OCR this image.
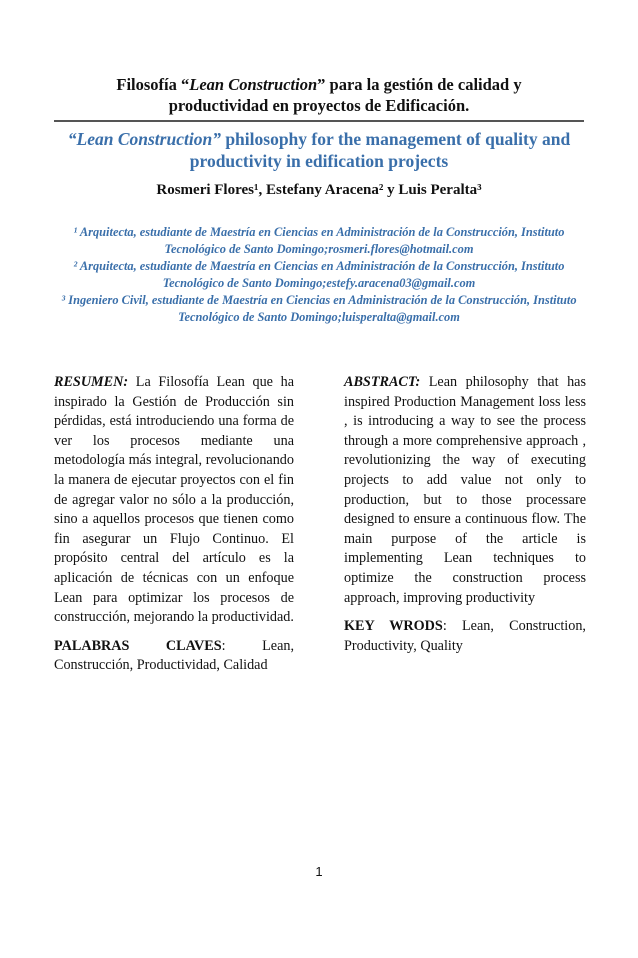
Filosofía “Lean Construction” para la gestión de calidad y
productividad en proyectos de Edificación.
“Lean Construction” philosophy for the management of quality and
productivity in edification projects
Rosmeri Flores¹, Estefany Aracena² y Luis Peralta³

¹ Arquitecta, estudiante de Maestría en Ciencias en Administración de la Construcción, Instituto Tecnológico de Santo Domingo;rosmeri.flores@hotmail.com

² Arquitecta, estudiante de Maestría en Ciencias en Administración de la Construcción, Instituto Tecnológico de Santo Domingo;estefy.aracena03@gmail.com

³ Ingeniero Civil, estudiante de Maestría en Ciencias en Administración de la Construcción, Instituto Tecnológico de Santo Domingo;luisperalta@gmail.com

RESUMEN: La Filosofía Lean que ha inspirado la Gestión de Producción sin pérdidas, está introduciendo una forma de ver los procesos mediante una metodología más integral, revolucionando la manera de ejecutar proyectos con el fin de agregar valor no sólo a la producción, sino a aquellos procesos que tienen como fin asegurar un Flujo Continuo. El propósito central del artículo es la aplicación de técnicas con un enfoque Lean para optimizar los procesos de construcción, mejorando la productividad.

PALABRAS CLAVES: Lean, Construcción, Productividad, Calidad

ABSTRACT: Lean philosophy that has inspired Production Management loss less , is introducing a way to see the process through a more comprehensive approach , revolutionizing the way of executing projects to add value not only to production, but to those processare designed to ensure a continuous flow. The main purpose of the article is implementing Lean techniques to optimize the construction process approach, improving productivity

KEY WRODS: Lean, Construction, Productivity, Quality

1
